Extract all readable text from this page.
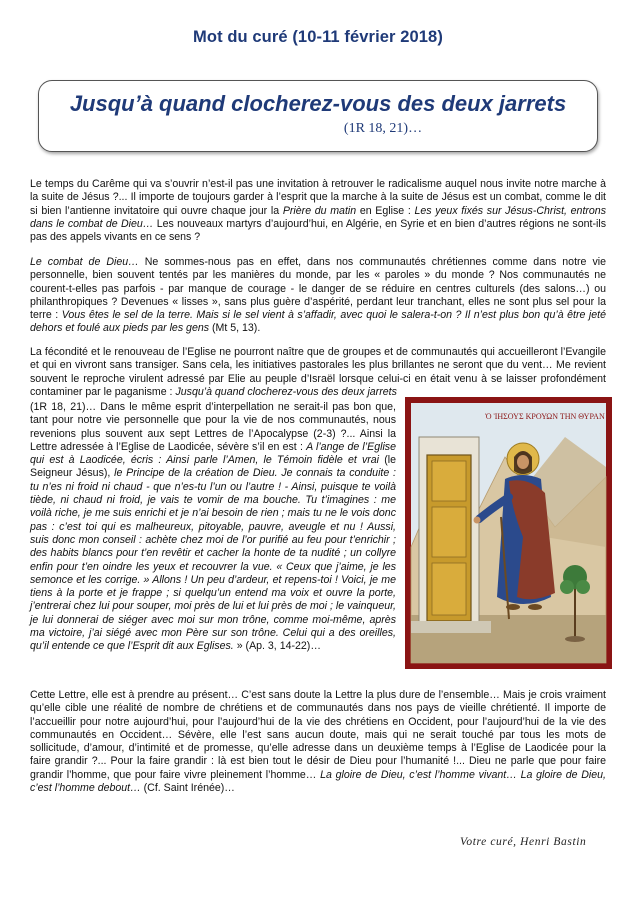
Mot du curé (10-11 février 2018)
Jusqu’à quand clocherez-vous des deux jarrets
(1R 18, 21)…
Le temps du Carême qui va s’ouvrir n’est-il pas une invitation à retrouver le radicalisme auquel nous invite notre marche à la suite de Jésus ?... Il importe de toujours garder à l’esprit que la marche à la suite de Jésus est un combat, comme le dit si bien l’antienne invitatoire qui ouvre chaque jour la Prière du matin en Eglise : Les yeux fixés sur Jésus-Christ, entrons dans le combat de Dieu… Les nouveaux martyrs d’aujourd’hui, en Algérie, en Syrie et en bien d’autres régions ne sont-ils pas des appels vivants en ce sens ?
Le combat de Dieu… Ne sommes-nous pas en effet, dans nos communautés chrétiennes comme dans notre vie personnelle, bien souvent tentés par les manières du monde, par les « paroles » du monde ? Nos communautés ne courent-t-elles pas parfois - par manque de courage - le danger de se réduire en centres culturels (des salons…) ou philanthropiques ? Devenues « lisses », sans plus guère d’aspérité, perdant leur tranchant, elles ne sont plus sel pour la terre : Vous êtes le sel de la terre. Mais si le sel vient à s’affadir, avec quoi le salera-t-on ? Il n’est plus bon qu’à être jeté dehors et foulé aux pieds par les gens (Mt 5, 13).
La fécondité et le renouveau de l’Eglise ne pourront naître que de groupes et de communautés qui accueilleront l’Evangile et qui en vivront sans transiger. Sans cela, les initiatives pastorales les plus brillantes ne seront que du vent… Me revient souvent le reproche virulent adressé par Elie au peuple d’Israël lorsque celui-ci en était venu à se laisser profondément contaminer par le paganisme : Jusqu’à quand clocherez-vous des deux jarrets
(1R 18, 21)… Dans le même esprit d’interpellation ne serait-il pas bon que, tant pour notre vie personnelle que pour la vie de nos communautés, nous revenions plus souvent aux sept Lettres de l’Apocalypse (2-3) ?... Ainsi la Lettre adressée à l’Eglise de Laodicée, sévère s’il en est : A l’ange de l’Eglise qui est à Laodicée, écris : Ainsi parle l’Amen, le Témoin fidèle et vrai (le Seigneur Jésus), le Principe de la création de Dieu. Je connais ta conduite : tu n’es ni froid ni chaud - que n’es-tu l’un ou l’autre ! - Ainsi, puisque te voilà tiède, ni chaud ni froid, je vais te vomir de ma bouche. Tu t’imagines : me voilà riche, je me suis enrichi et je n’ai besoin de rien ; mais tu ne le vois donc pas : c’est toi qui es malheureux, pitoyable, pauvre, aveugle et nu ! Aussi, suis donc mon conseil : achète chez moi de l’or purifié au feu pour t’enrichir ; des habits blancs pour t’en revêtir et cacher la honte de ta nudité ; un collyre enfin pour t’en oindre les yeux et recouvrer la vue. « Ceux que j’aime, je les semonce et les corrige. » Allons ! Un peu d’ardeur, et repens-toi ! Voici, je me tiens à la porte et je frappe ; si quelqu’un entend ma voix et ouvre la porte, j’entrerai chez lui pour souper, moi près de lui et lui près de moi ; le vainqueur, je lui donnerai de siéger avec moi sur mon trône, comme moi-même, après ma victoire, j’ai siégé avec mon Père sur son trône. Celui qui a des oreilles, qu’il entende ce que l’Esprit dit aux Eglises. » (Ap. 3, 14-22)…
Ὁ ἸΗΣΟΥΣ ΚΡΟΥΩΝ ΤΗΝ ΘΥΡΑΝ
Cette Lettre, elle est à prendre au présent… C’est sans doute la Lettre la plus dure de l’ensemble… Mais je crois vraiment qu’elle cible une réalité de nombre de chrétiens et de communautés dans nos pays de vieille chrétienté. Il importe de l’accueillir pour notre aujourd’hui, pour l’aujourd’hui de la vie des chrétiens en Occident, pour l’aujourd’hui de la vie des communautés en Occident… Sévère, elle l’est sans aucun doute, mais qui ne serait touché par tous les mots de sollicitude, d’amour, d’intimité et de promesse, qu’elle adresse dans un deuxième temps à l’Eglise de Laodicée pour la faire grandir ?... Pour la faire grandir : là est bien tout le désir de Dieu pour l’humanité !... Dieu ne parle que pour faire grandir l’homme, que pour faire vivre pleinement l’homme… La gloire de Dieu, c’est l’homme vivant… La gloire de Dieu, c’est l’homme debout… (Cf. Saint Irénée)…
Votre curé, Henri Bastin
